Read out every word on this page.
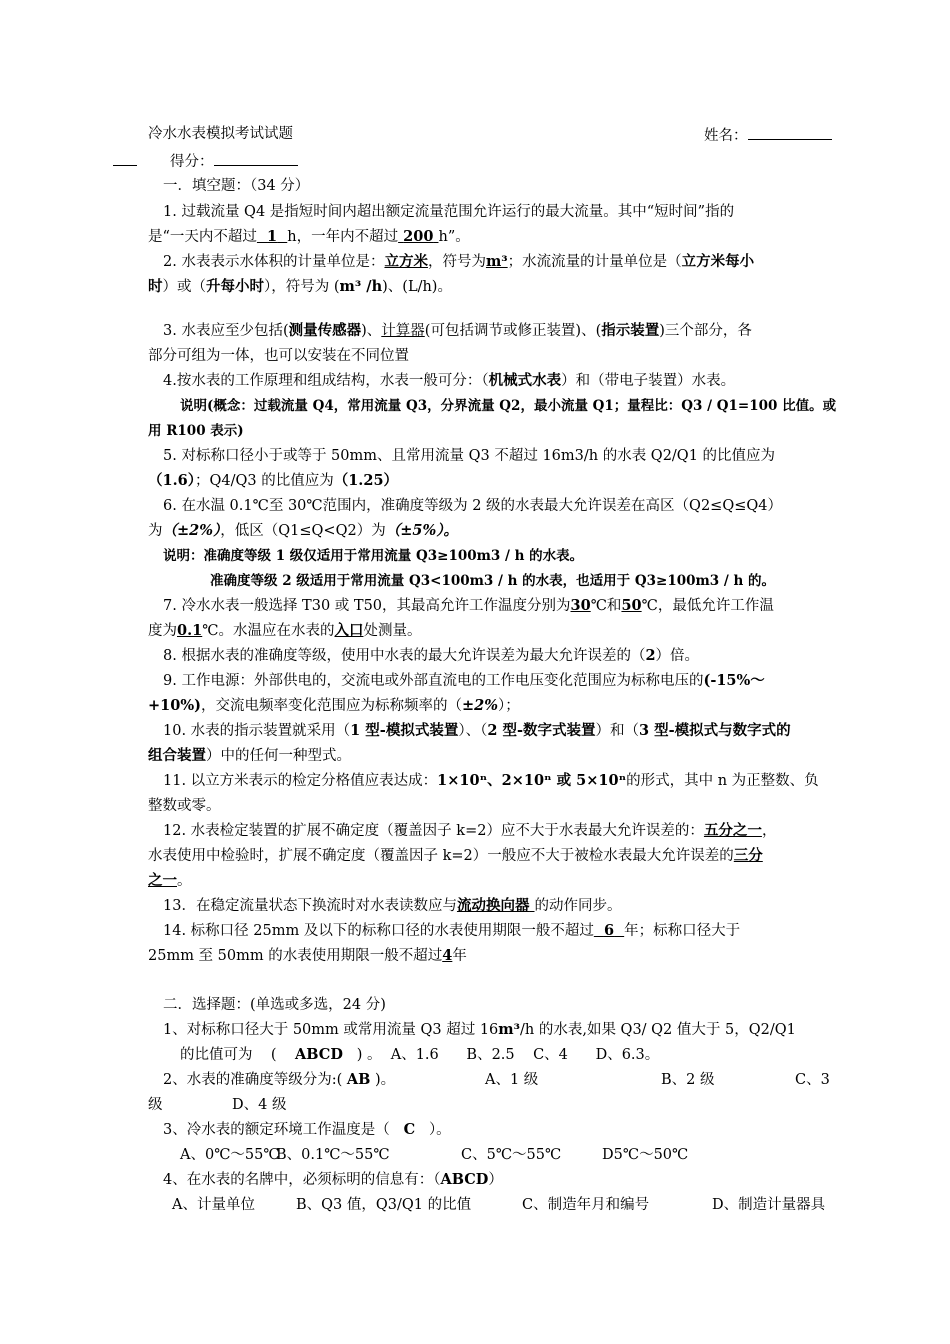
冷水水表模拟考试试题	姓名：
得分：
一．填空题：（34 分）
1. 过载流量 Q4 是指短时间内超出额定流量范围允许运行的最大流量。其中“短时间”指的
是“一天内不超过 1 h，一年内不超过 200 h”。
2. 水表表示水体积的计量单位是：立方米，符号为m³；水流流量的计量单位是（立方米每小
时）或（升每小时），符号为 (m³ /h)、(L/h)。
3. 水表应至少包括(测量传感器)、计算器(可包括调节或修正装置)、(指示装置)三个部分，各
部分可组为一体，也可以安装在不同位置
4.按水表的工作原理和组成结构，水表一般可分：（机械式水表）和（带电子装置）水表。
说明(概念：过载流量 Q4，常用流量 Q3，分界流量 Q2，最小流量 Q1；量程比：Q3 / Q1=100 比值。或
用 R100 表示)
5. 对标称口径小于或等于 50mm、且常用流量 Q3 不超过 16m3/h 的水表 Q2/Q1 的比值应为
（1.6）；Q4/Q3 的比值应为（1.25）
6. 在水温 0.1℃至 30℃范围内，准确度等级为 2 级的水表最大允许误差在高区（Q2≤Q≤Q4）
为（±2%），低区（Q1≤Q<Q2）为（±5%）。
说明：准确度等级 1 级仅适用于常用流量 Q3≥100m3 / h 的水表。
准确度等级 2 级适用于常用流量 Q3<100m3 / h 的水表，也适用于 Q3≥100m3 / h 的。
7. 冷水水表一般选择 T30 或 T50，其最高允许工作温度分别为30℃和50℃，最低允许工作温
度为0.1℃。水温应在水表的入口处测量。
8. 根据水表的准确度等级，使用中水表的最大允许误差为最大允许误差的（2）倍。
9. 工作电源：外部供电的，交流电或外部直流电的工作电压变化范围应为标称电压的(-15%～
+10%)，交流电频率变化范围应为标称频率的（±2%）；
10. 水表的指示装置就采用（1 型-模拟式装置）、（2 型-数字式装置）和（3 型-模拟式与数字式的
组合装置）中的任何一种型式。
11. 以立方米表示的检定分格值应表达成：1×10ⁿ、2×10ⁿ 或 5×10ⁿ的形式，其中 n 为正整数、负
整数或零。
12. 水表检定装置的扩展不确定度（覆盖因子 k=2）应不大于水表最大允许误差的：五分之一，
水表使用中检验时，扩展不确定度（覆盖因子 k=2）一般应不大于被检水表最大允许误差的三分
之一。
13．在稳定流量状态下换流时对水表读数应与流动换向器 的动作同步。
14. 标称口径 25mm 及以下的标称口径的水表使用期限一般不超过 6 年；标称口径大于
25mm 至 50mm 的水表使用期限一般不超过4年
二．选择题：(单选或多选，24 分)
1、对标称口径大于 50mm 或常用流量 Q3 超过 16m³/h 的水表,如果 Q3/ Q2 值大于 5，Q2/Q1
的比值可为    (    ABCD   ) 。  A、1.6 B、2.5 C、4 D、6.3。
2、水表的准确度等级分为:( AB )。	A、1 级	B、2 级	C、3
级	D、4 级
3、冷水表的额定环境工作温度是（ C ）。
A、0℃～55℃
B、0.1℃～55℃	C、5℃～55℃	D5℃～50℃
4、在水表的名牌中，必须标明的信息有：（ABCD）
A、计量单位	B、Q3 值，Q3/Q1 的比值	C、制造年月和编号	D、制造计量器具
